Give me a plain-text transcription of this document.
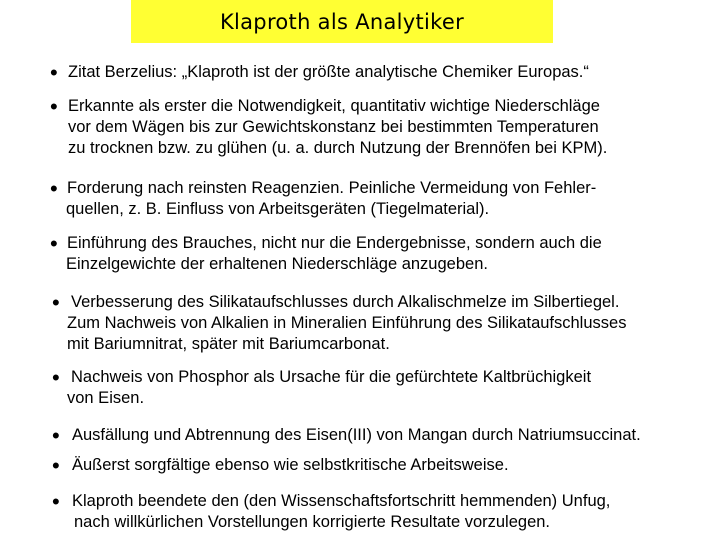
Klaproth als Analytiker
• Zitat Berzelius: „Klaproth ist der größte analytische Chemiker Europas.“
• Erkannte als erster die Notwendigkeit, quantitativ wichtige Niederschläge
vor dem Wägen bis zur Gewichtskonstanz bei bestimmten Temperaturen
zu trocknen bzw. zu glühen (u. a. durch Nutzung der Brennöfen bei KPM).
• Forderung nach reinsten Reagenzien. Peinliche Vermeidung von Fehler-
quellen, z. B. Einfluss von Arbeitsgeräten (Tiegelmaterial).
• Einführung des Brauches, nicht nur die Endergebnisse, sondern auch die
Einzelgewichte der erhaltenen Niederschläge anzugeben.
• Verbesserung des Silikataufschlusses durch Alkalischmelze im Silbertiegel.
Zum Nachweis von Alkalien in Mineralien Einführung des Silikataufschlusses
mit Bariumnitrat, später mit Bariumcarbonat.
• Nachweis von Phosphor als Ursache für die gefürchtete Kaltbrüchigkeit
von Eisen.
• Ausfällung und Abtrennung des Eisen(III) von Mangan durch Natriumsuccinat.
• Äußerst sorgfältige ebenso wie selbstkritische Arbeitsweise.
• Klaproth beendete den (den Wissenschaftsfortschritt hemmenden) Unfug,
nach willkürlichen Vorstellungen korrigierte Resultate vorzulegen.
